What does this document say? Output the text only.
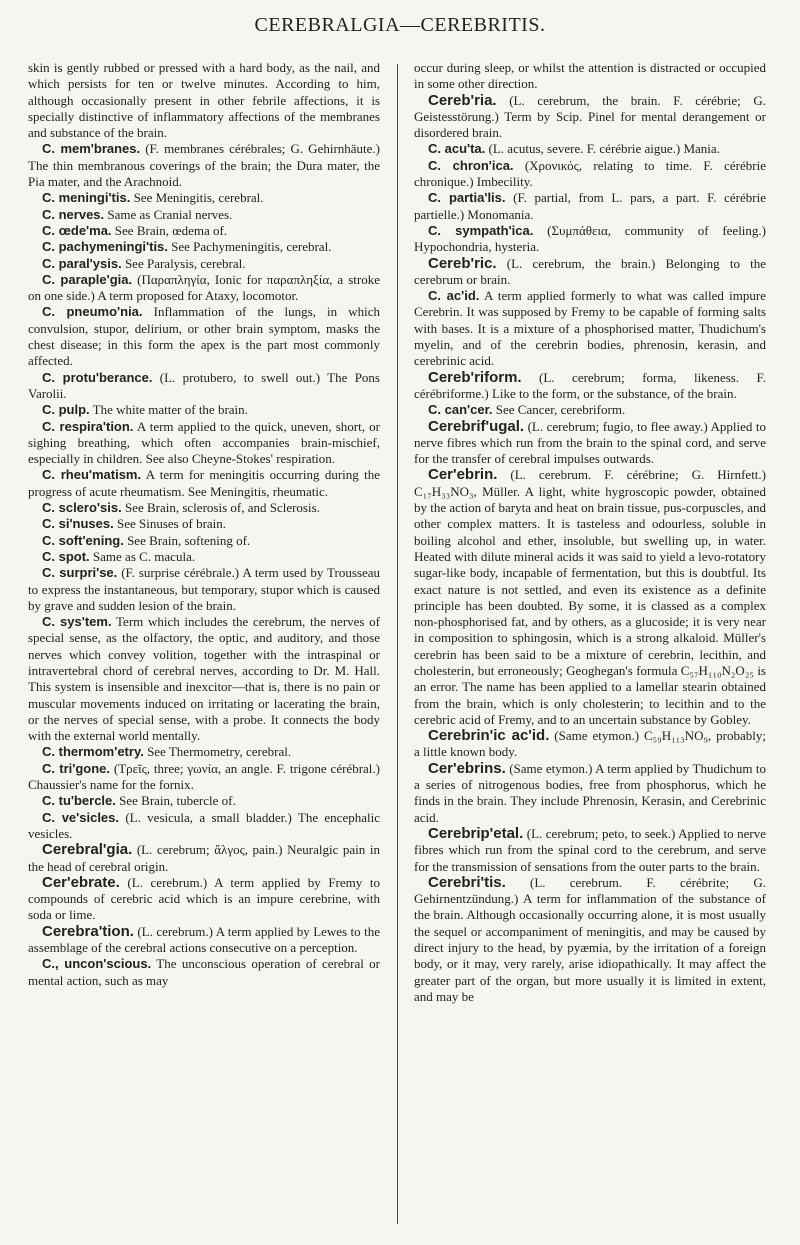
CEREBRALGIA—CEREBRITIS.

skin is gently rubbed or pressed with a hard body, as the nail, and which persists for ten or twelve minutes. According to him, although occasionally present in other febrile affections, it is specially distinctive of inflammatory affections of the membranes and substance of the brain.

C. mem'branes. (F. membranes cérébrales; G. Gehirnhäute.) The thin membranous coverings of the brain; the Dura mater, the Pia mater, and the Arachnoid.

C. meningi'tis. See Meningitis, cerebral.

C. nerves. Same as Cranial nerves.

C. œde'ma. See Brain, œdema of.

C. pachymeningi'tis. See Pachymeningitis, cerebral.

C. paral'ysis. See Paralysis, cerebral.

C. paraple'gia. (Παραπληγία, Ionic for παραπληξία, a stroke on one side.) A term proposed for Ataxy, locomotor.

C. pneumo'nia. Inflammation of the lungs, in which convulsion, stupor, delirium, or other brain symptom, masks the chest disease; in this form the apex is the part most commonly affected.

C. protu'berance. (L. protubero, to swell out.) The Pons Varolii.

C. pulp. The white matter of the brain.

C. respira'tion. A term applied to the quick, uneven, short, or sighing breathing, which often accompanies brain-mischief, especially in children. See also Cheyne-Stokes' respiration.

C. rheu'matism. A term for meningitis occurring during the progress of acute rheumatism. See Meningitis, rheumatic.

C. sclero'sis. See Brain, sclerosis of, and Sclerosis.

C. si'nuses. See Sinuses of brain.

C. soft'ening. See Brain, softening of.

C. spot. Same as C. macula.

C. surpri'se. (F. surprise cérébrale.) A term used by Trousseau to express the instantaneous, but temporary, stupor which is caused by grave and sudden lesion of the brain.

C. sys'tem. Term which includes the cerebrum, the nerves of special sense, as the olfactory, the optic, and auditory, and those nerves which convey volition, together with the intraspinal or intravertebral chord of cerebral nerves, according to Dr. M. Hall. This system is insensible and inexcitor—that is, there is no pain or muscular movements induced on irritating or lacerating the brain, or the nerves of special sense, with a probe. It connects the body with the external world mentally.

C. thermom'etry. See Thermometry, cerebral.

C. tri'gone. (Τρεῖς, three; γωνία, an angle. F. trigone cérébral.) Chaussier's name for the fornix.

C. tu'bercle. See Brain, tubercle of.

C. ve'sicles. (L. vesicula, a small bladder.) The encephalic vesicles.

Cerebral'gia. (L. cerebrum; ἄλγος, pain.) Neuralgic pain in the head of cerebral origin.

Cer'ebrate. (L. cerebrum.) A term applied by Fremy to compounds of cerebric acid which is an impure cerebrine, with soda or lime.

Cerebra'tion. (L. cerebrum.) A term applied by Lewes to the assemblage of the cerebral actions consecutive on a perception.

C., uncon'scious. The unconscious operation of cerebral or mental action, such as may

occur during sleep, or whilst the attention is distracted or occupied in some other direction.

Cereb'ria. (L. cerebrum, the brain. F. cérébrie; G. Geistesstörung.) Term by Scip. Pinel for mental derangement or disordered brain.

C. acu'ta. (L. acutus, severe. F. cérébrie aigue.) Mania.

C. chron'ica. (Χρονικός, relating to time. F. cérébrie chronique.) Imbecility.

C. partia'lis. (F. partial, from L. pars, a part. F. cérébrie partielle.) Monomania.

C. sympath'ica. (Συμπάθεια, community of feeling.) Hypochondria, hysteria.

Cereb'ric. (L. cerebrum, the brain.) Belonging to the cerebrum or brain.

C. ac'id. A term applied formerly to what was called impure Cerebrin. It was supposed by Fremy to be capable of forming salts with bases. It is a mixture of a phosphorised matter, Thudichum's myelin, and of the cerebrin bodies, phrenosin, kerasin, and cerebrinic acid.

Cereb'riform. (L. cerebrum; forma, likeness. F. cérébriforme.) Like to the form, or the substance, of the brain.

C. can'cer. See Cancer, cerebriform.

Cerebrif'ugal. (L. cerebrum; fugio, to flee away.) Applied to nerve fibres which run from the brain to the spinal cord, and serve for the transfer of cerebral impulses outwards.

Cer'ebrin. (L. cerebrum. F. cérébrine; G. Hirnfett.) C₁₇H₃₃NO₃, Müller. A light, white hygroscopic powder, obtained by the action of baryta and heat on brain tissue, pus-corpuscles, and other complex matters. It is tasteless and odourless, soluble in boiling alcohol and ether, insoluble, but swelling up, in water. Heated with dilute mineral acids it was said to yield a levo-rotatory sugar-like body, incapable of fermentation, but this is doubtful. Its exact nature is not settled, and even its existence as a definite principle has been doubted. By some, it is classed as a complex non-phosphorised fat, and by others, as a glucoside; it is very near in composition to sphingosin, which is a strong alkaloid. Müller's cerebrin has been said to be a mixture of cerebrin, lecithin, and cholesterin, but erroneously; Geoghegan's formula C₅₇H₁₁₀N₂O₂₅ is an error. The name has been applied to a lamellar stearin obtained from the brain, which is only cholesterin; to lecithin and to the cerebric acid of Fremy, and to an uncertain substance by Gobley.

Cerebrin'ic ac'id. (Same etymon.) C₅₉H₁₁₃NO₉, probably; a little known body.

Cer'ebrins. (Same etymon.) A term applied by Thudichum to a series of nitrogenous bodies, free from phosphorus, which he finds in the brain. They include Phrenosin, Kerasin, and Cerebrinic acid.

Cerebrip'etal. (L. cerebrum; peto, to seek.) Applied to nerve fibres which run from the spinal cord to the cerebrum, and serve for the transmission of sensations from the outer parts to the brain.

Cerebri'tis. (L. cerebrum. F. cérébrite; G. Gehirnentzündung.) A term for inflammation of the substance of the brain. Although occasionally occurring alone, it is most usually the sequel or accompaniment of meningitis, and may be caused by direct injury to the head, by pyæmia, by the irritation of a foreign body, or it may, very rarely, arise idiopathically. It may affect the greater part of the organ, but more usually it is limited in extent, and may be
